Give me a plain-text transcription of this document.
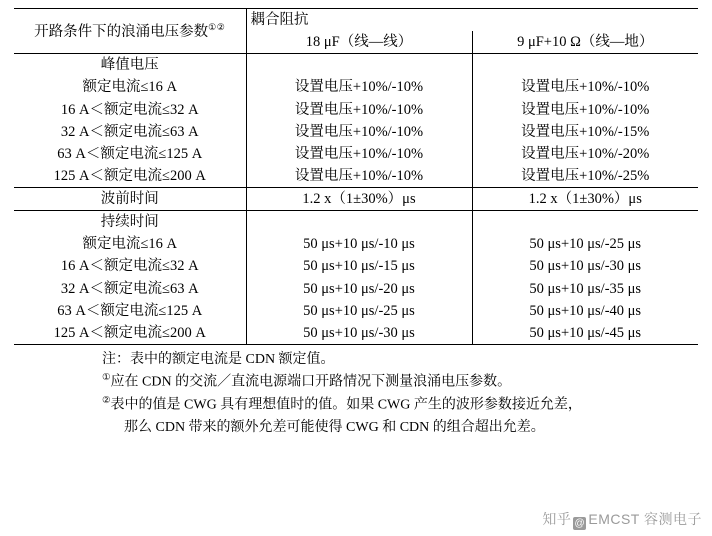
开路条件下的浪涌电压参数①②	耦合阻抗	
	18 μF（线—线）	9 μF+10 Ω（线—地）
峰值电压		
额定电流≤16 A	设置电压+10%/-10%	设置电压+10%/-10%
16 A＜额定电流≤32 A	设置电压+10%/-10%	设置电压+10%/-10%
32 A＜额定电流≤63 A	设置电压+10%/-10%	设置电压+10%/-15%
63 A＜额定电流≤125 A	设置电压+10%/-10%	设置电压+10%/-20%
125 A＜额定电流≤200 A	设置电压+10%/-10%	设置电压+10%/-25%
波前时间	1.2 x（1±30%）μs	1.2 x（1±30%）μs
持续时间		
额定电流≤16 A	50 μs+10 μs/-10 μs	50 μs+10 μs/-25 μs
16 A＜额定电流≤32 A	50 μs+10 μs/-15 μs	50 μs+10 μs/-30 μs
32 A＜额定电流≤63 A	50 μs+10 μs/-20 μs	50 μs+10 μs/-35 μs
63 A＜额定电流≤125 A	50 μs+10 μs/-25 μs	50 μs+10 μs/-40 μs
125 A＜额定电流≤200 A	50 μs+10 μs/-30 μs	50 μs+10 μs/-45 μs
注：表中的额定电流是 CDN 额定值。
①应在 CDN 的交流／直流电源端口开路情况下测量浪涌电压参数。
②表中的值是 CWG 具有理想值时的值。如果 CWG 产生的波形参数接近允差，
那么 CDN 带来的额外允差可能使得 CWG 和 CDN 的组合超出允差。
知乎 @ EMCST 容测电子
